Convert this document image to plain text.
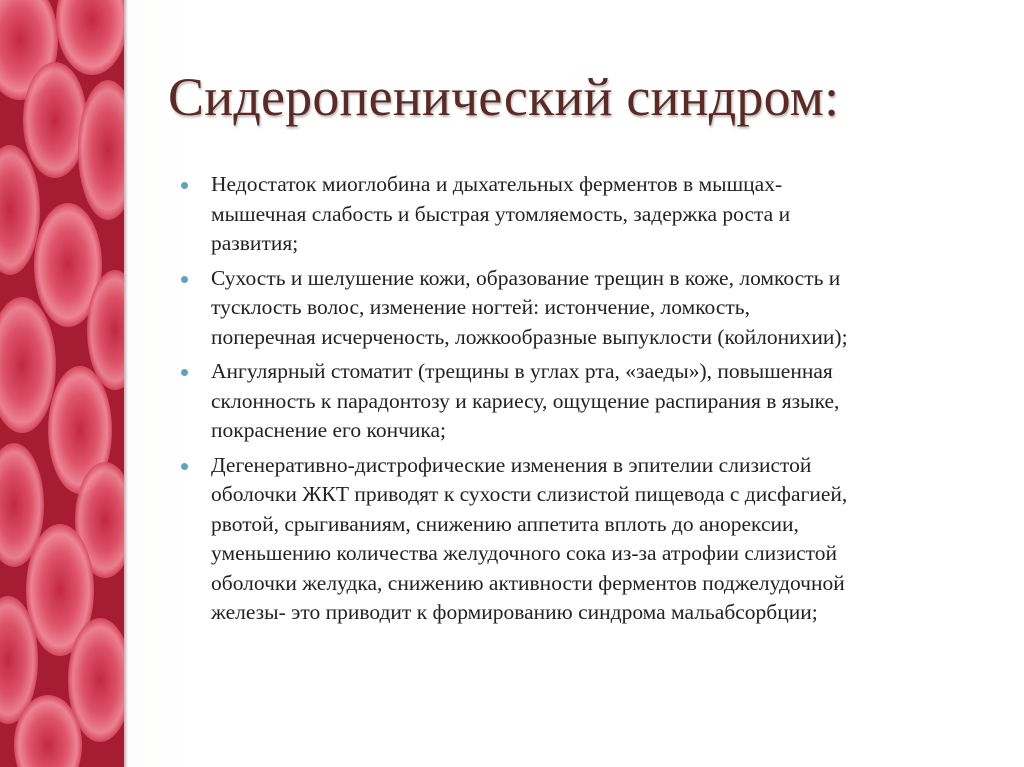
Сидеропенический синдром:
Недостаток миоглобина и дыхательных ферментов в мышцах-
мышечная слабость и быстрая утомляемость, задержка роста и
развития;
Сухость и шелушение кожи, образование трещин в коже, ломкость и
тусклость волос, изменение ногтей: истончение, ломкость,
поперечная исчерченость, ложкообразные выпуклости (койлонихии);
Ангулярный стоматит (трещины в углах рта, «заеды»), повышенная
склонность к парадонтозу и кариесу, ощущение распирания в языке,
покраснение его кончика;
Дегенеративно-дистрофические изменения в эпителии слизистой
оболочки ЖКТ приводят к сухости слизистой пищевода с дисфагией,
рвотой, срыгиваниям, снижению аппетита вплоть до анорексии,
уменьшению количества желудочного сока из-за атрофии слизистой
оболочки желудка, снижению активности ферментов поджелудочной
железы- это приводит к формированию синдрома мальабсорбции;
